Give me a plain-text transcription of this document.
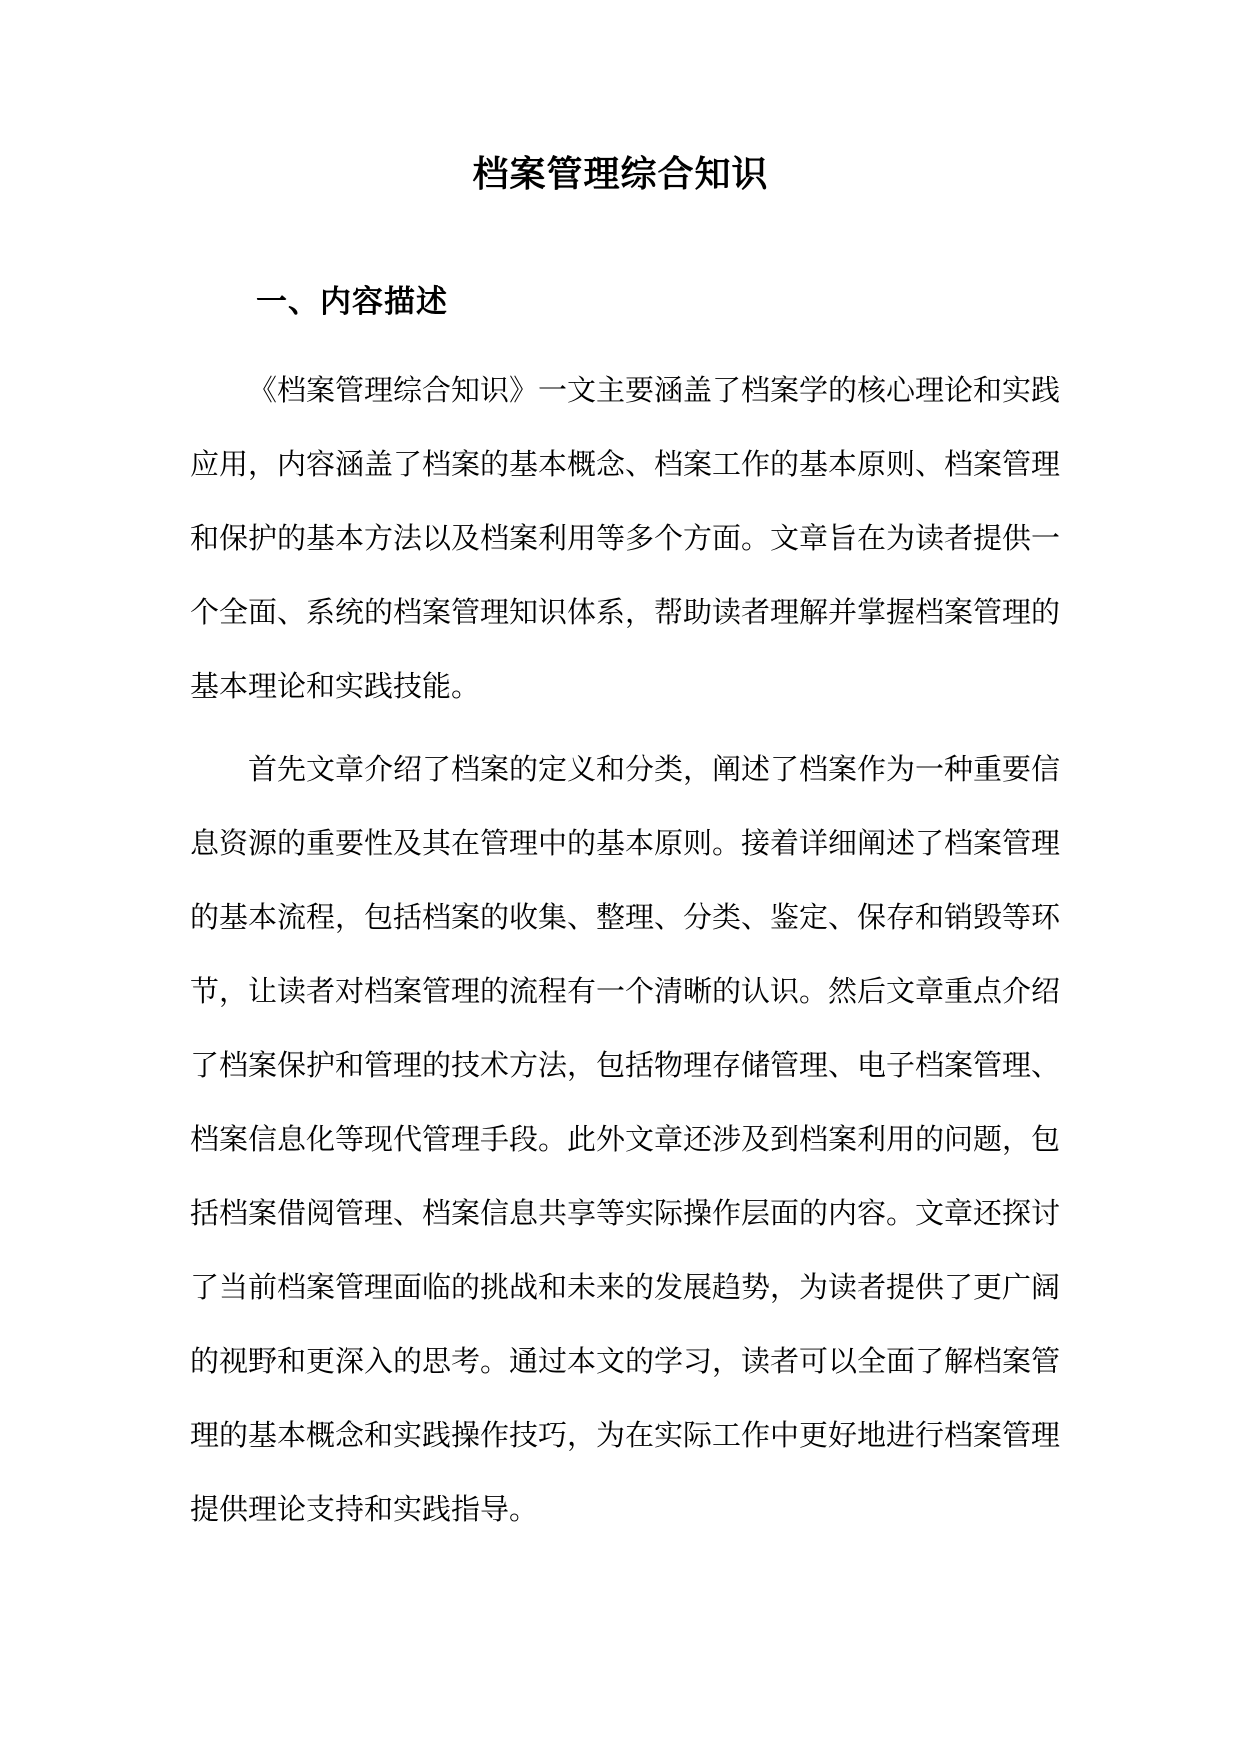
档案管理综合知识
一、内容描述

《档案管理综合知识》一文主要涵盖了档案学的核心理论和实践应用，内容涵盖了档案的基本概念、档案工作的基本原则、档案管理和保护的基本方法以及档案利用等多个方面。文章旨在为读者提供一个全面、系统的档案管理知识体系，帮助读者理解并掌握档案管理的基本理论和实践技能。

首先文章介绍了档案的定义和分类，阐述了档案作为一种重要信息资源的重要性及其在管理中的基本原则。接着详细阐述了档案管理的基本流程，包括档案的收集、整理、分类、鉴定、保存和销毁等环节，让读者对档案管理的流程有一个清晰的认识。然后文章重点介绍了档案保护和管理的技术方法，包括物理存储管理、电子档案管理、档案信息化等现代管理手段。此外文章还涉及到档案利用的问题，包括档案借阅管理、档案信息共享等实际操作层面的内容。文章还探讨了当前档案管理面临的挑战和未来的发展趋势，为读者提供了更广阔的视野和更深入的思考。通过本文的学习，读者可以全面了解档案管理的基本概念和实践操作技巧，为在实际工作中更好地进行档案管理提供理论支持和实践指导。
